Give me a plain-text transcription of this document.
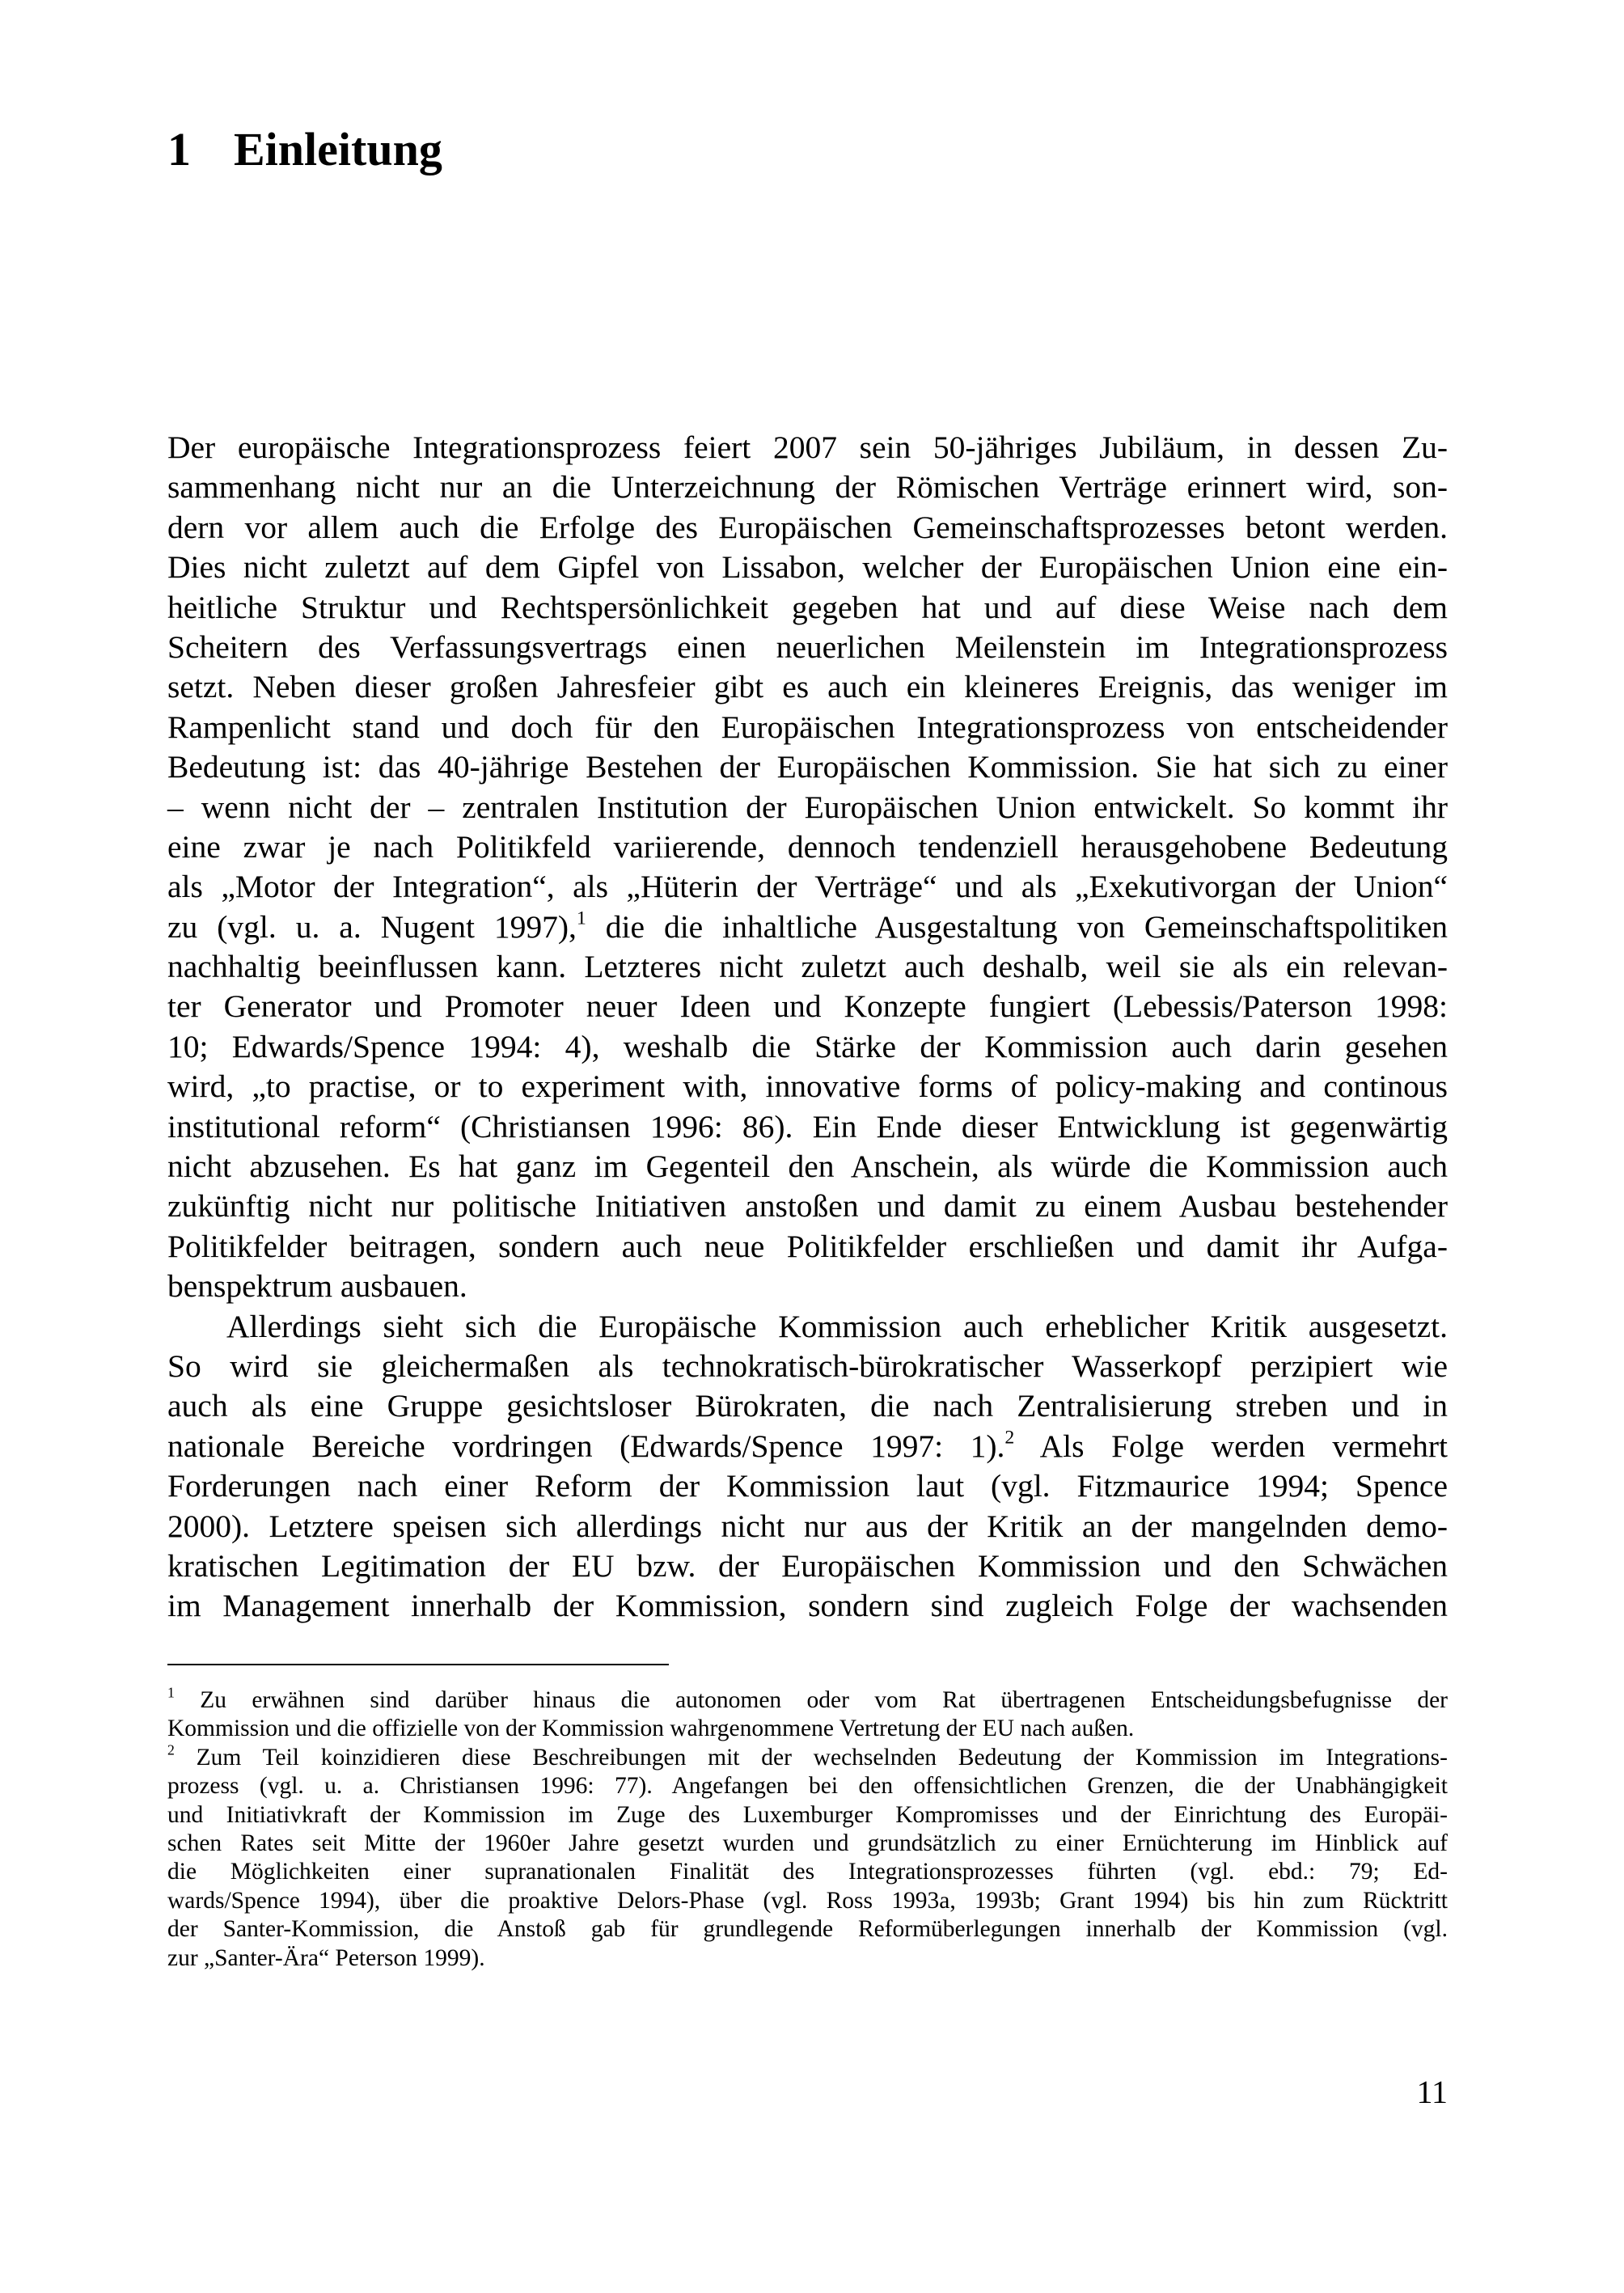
1 Einleitung
Der europäische Integrationsprozess feiert 2007 sein 50-jähriges Jubiläum, in dessen Zu-
sammenhang nicht nur an die Unterzeichnung der Römischen Verträge erinnert wird, son-
dern vor allem auch die Erfolge des Europäischen Gemeinschaftsprozesses betont werden.
Dies nicht zuletzt auf dem Gipfel von Lissabon, welcher der Europäischen Union eine ein-
heitliche Struktur und Rechtspersönlichkeit gegeben hat und auf diese Weise nach dem
Scheitern des Verfassungsvertrags einen neuerlichen Meilenstein im Integrationsprozess
setzt. Neben dieser großen Jahresfeier gibt es auch ein kleineres Ereignis, das weniger im
Rampenlicht stand und doch für den Europäischen Integrationsprozess von entscheidender
Bedeutung ist: das 40-jährige Bestehen der Europäischen Kommission. Sie hat sich zu einer
– wenn nicht der – zentralen Institution der Europäischen Union entwickelt. So kommt ihr
eine zwar je nach Politikfeld variierende, dennoch tendenziell herausgehobene Bedeutung
als „Motor der Integration“, als „Hüterin der Verträge“ und als „Exekutivorgan der Union“
zu (vgl. u. a. Nugent 1997),$^1$ die die inhaltliche Ausgestaltung von Gemeinschaftspolitiken
nachhaltig beeinflussen kann. Letzteres nicht zuletzt auch deshalb, weil sie als ein relevan-
ter Generator und Promoter neuer Ideen und Konzepte fungiert (Lebessis/Paterson 1998:
10; Edwards/Spence 1994: 4), weshalb die Stärke der Kommission auch darin gesehen
wird, „to practise, or to experiment with, innovative forms of policy-making and continous
institutional reform“ (Christiansen 1996: 86). Ein Ende dieser Entwicklung ist gegenwärtig
nicht abzusehen. Es hat ganz im Gegenteil den Anschein, als würde die Kommission auch
zukünftig nicht nur politische Initiativen anstoßen und damit zu einem Ausbau bestehender
Politikfelder beitragen, sondern auch neue Politikfelder erschließen und damit ihr Aufga-
benspektrum ausbauen.
Allerdings sieht sich die Europäische Kommission auch erheblicher Kritik ausgesetzt.
So wird sie gleichermaßen als technokratisch-bürokratischer Wasserkopf perzipiert wie
auch als eine Gruppe gesichtsloser Bürokraten, die nach Zentralisierung streben und in
nationale Bereiche vordringen (Edwards/Spence 1997: 1).$^2$ Als Folge werden vermehrt
Forderungen nach einer Reform der Kommission laut (vgl. Fitzmaurice 1994; Spence
2000). Letztere speisen sich allerdings nicht nur aus der Kritik an der mangelnden demo-
kratischen Legitimation der EU bzw. der Europäischen Kommission und den Schwächen
im Management innerhalb der Kommission, sondern sind zugleich Folge der wachsenden
$^1$ Zu erwähnen sind darüber hinaus die autonomen oder vom Rat übertragenen Entscheidungsbefugnisse der
Kommission und die offizielle von der Kommission wahrgenommene Vertretung der EU nach außen.
$^2$ Zum Teil koinzidieren diese Beschreibungen mit der wechselnden Bedeutung der Kommission im Integrations-
prozess (vgl. u. a. Christiansen 1996: 77). Angefangen bei den offensichtlichen Grenzen, die der Unabhängigkeit
und Initiativkraft der Kommission im Zuge des Luxemburger Kompromisses und der Einrichtung des Europäi-
schen Rates seit Mitte der 1960er Jahre gesetzt wurden und grundsätzlich zu einer Ernüchterung im Hinblick auf
die Möglichkeiten einer supranationalen Finalität des Integrationsprozesses führten (vgl. ebd.: 79; Ed-
wards/Spence 1994), über die proaktive Delors-Phase (vgl. Ross 1993a, 1993b; Grant 1994) bis hin zum Rücktritt
der Santer-Kommission, die Anstoß gab für grundlegende Reformüberlegungen innerhalb der Kommission (vgl.
zur „Santer-Ära“ Peterson 1999).
11
